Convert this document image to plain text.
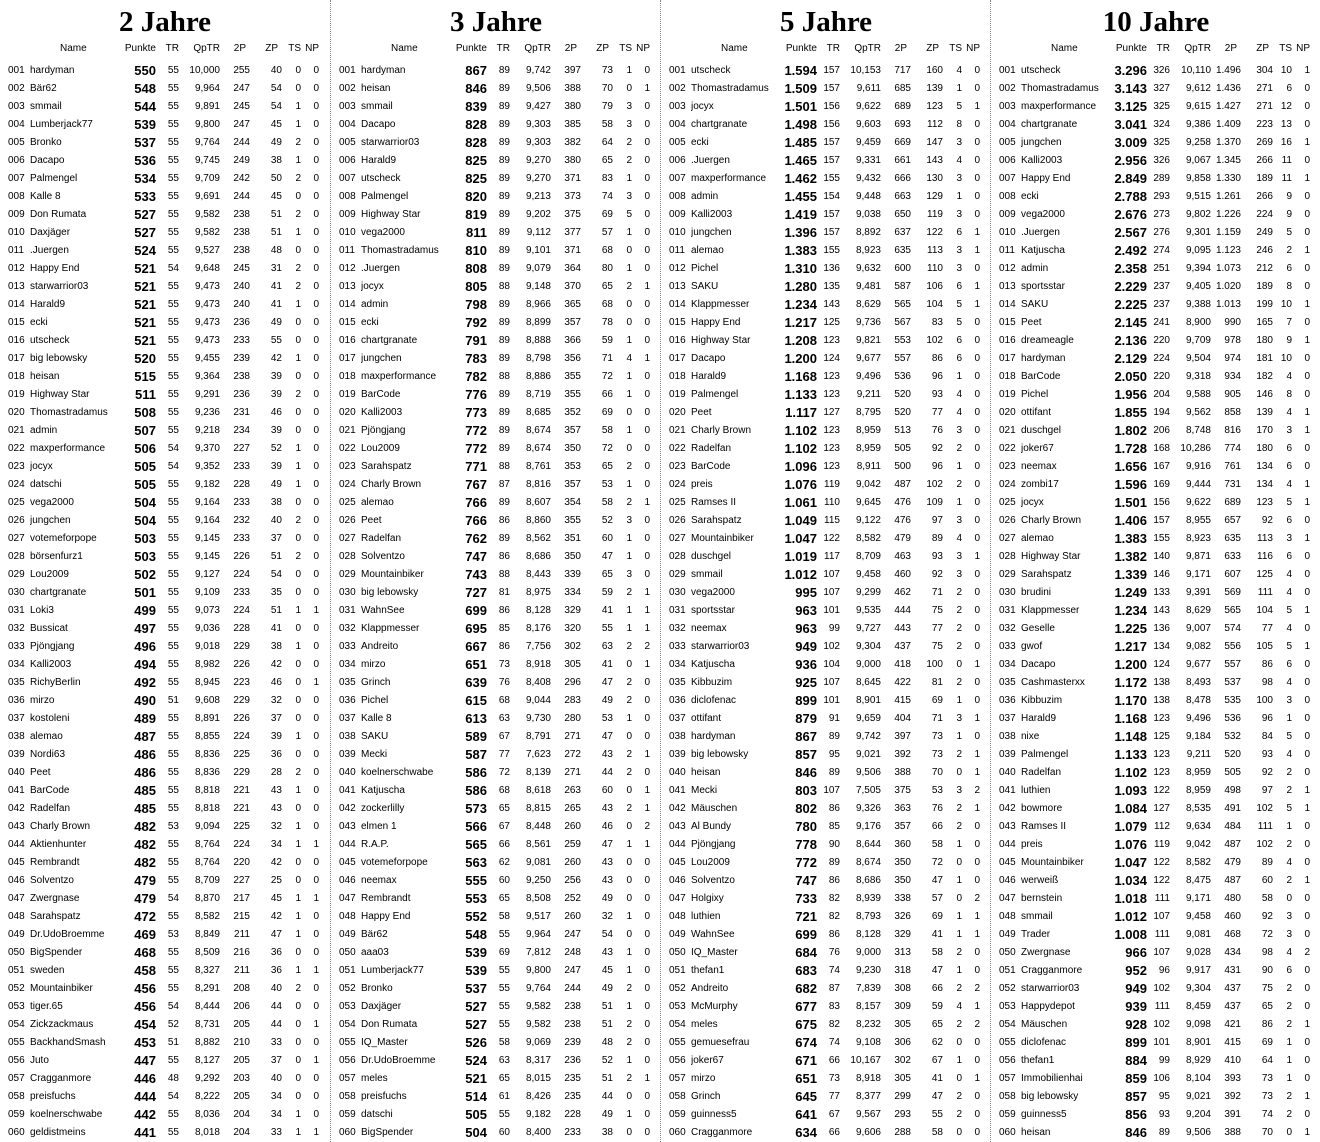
2 Jahre
Name	Punkte TR QpTR 2P ZP TS NP
001 hardyman	550 55 10,000 255 40 0 0
002 Bär62	548 55 9,964 247 54 0 0
003 smmail	544 55 9,891 245 54 1 0
004 Lumberjack77	539 55 9,800 247 45 1 0
005 Bronko	537 55 9,764 244 49 2 0
006 Dacapo	536 55 9,745 249 38 1 0
007 Palmengel	534 55 9,709 242 50 2 0
008 Kalle 8	533 55 9,691 244 45 0 0
009 Don Rumata	527 55 9,582 238 51 2 0
010 Daxjäger	527 55 9,582 238 51 1 0
011 .Juergen	524 55 9,527 238 48 0 0
012 Happy End	521 54 9,648 245 31 2 0
013 starwarrior03	521 55 9,473 240 41 2 0
014 Harald9	521 55 9,473 240 41 1 0
015 ecki	521 55 9,473 236 49 0 0
016 utscheck	521 55 9,473 233 55 0 0
017 big lebowsky	520 55 9,455 239 42 1 0
018 heisan	515 55 9,364 238 39 0 0
019 Highway Star	511 55 9,291 236 39 2 0
020 Thomastradamus	508 55 9,236 231 46 0 0
021 admin	507 55 9,218 234 39 0 0
022 maxperformance	506 54 9,370 227 52 1 0
023 jocyx	505 54 9,352 233 39 1 0
024 datschi	505 55 9,182 228 49 1 0
025 vega2000	504 55 9,164 233 38 0 0
026 jungchen	504 55 9,164 232 40 2 0
027 votemeforpope	503 55 9,145 233 37 0 0
028 börsenfurz1	503 55 9,145 226 51 2 0
029 Lou2009	502 55 9,127 224 54 0 0
030 chartgranate	501 55 9,109 233 35 0 0
031 Loki3	499 55 9,073 224 51 1 1
032 Bussicat	497 55 9,036 228 41 0 0
033 Pjöngjang	496 55 9,018 229 38 1 0
034 Kalli2003	494 55 8,982 226 42 0 0
035 RichyBerlin	492 55 8,945 223 46 0 1
036 mirzo	490 51 9,608 229 32 0 0
037 kostoleni	489 55 8,891 226 37 0 0
038 alemao	487 55 8,855 224 39 1 0
039 Nordi63	486 55 8,836 225 36 0 0
040 Peet	486 55 8,836 229 28 2 0
041 BarCode	485 55 8,818 221 43 1 0
042 Radelfan	485 55 8,818 221 43 0 0
043 Charly Brown	482 53 9,094 225 32 1 0
044 Aktienhunter	482 55 8,764 224 34 1 1
045 Rembrandt	482 55 8,764 220 42 0 0
046 Solventzo	479 55 8,709 227 25 0 0
047 Zwergnase	479 54 8,870 217 45 1 1
048 Sarahspatz	472 55 8,582 215 42 1 0
049 Dr.UdoBroemme	469 53 8,849 211 47 1 0
050 BigSpender	468 55 8,509 216 36 0 0
051 sweden	458 55 8,327 211 36 1 1
052 Mountainbiker	456 55 8,291 208 40 2 0
053 tiger.65	456 54 8,444 206 44 0 0
054 Zickzackmaus	454 52 8,731 205 44 0 1
055 BackhandSmash	453 51 8,882 210 33 0 0
056 Juto	447 55 8,127 205 37 0 1
057 Cragganmore	446 48 9,292 203 40 0 0
058 preisfuchs	444 54 8,222 205 34 0 0
059 koelnerschwabe	442 55 8,036 204 34 1 0
060 geldistmeins	441 55 8,018 204 33 1 1
3 Jahre
Name	Punkte TR QpTR 2P ZP TS NP
001 hardyman	867 89 9,742 397 73 1 0
002 heisan	846 89 9,506 388 70 0 1
003 smmail	839 89 9,427 380 79 3 0
004 Dacapo	828 89 9,303 385 58 3 0
005 starwarrior03	828 89 9,303 382 64 2 0
006 Harald9	825 89 9,270 380 65 2 0
007 utscheck	825 89 9,270 371 83 1 0
008 Palmengel	820 89 9,213 373 74 3 0
009 Highway Star	819 89 9,202 375 69 5 0
010 vega2000	811 89 9,112 377 57 1 0
011 Thomastradamus	810 89 9,101 371 68 0 0
012 .Juergen	808 89 9,079 364 80 1 0
013 jocyx	805 88 9,148 370 65 2 1
014 admin	798 89 8,966 365 68 0 0
015 ecki	792 89 8,899 357 78 0 0
016 chartgranate	791 89 8,888 366 59 1 0
017 jungchen	783 89 8,798 356 71 4 1
018 maxperformance	782 88 8,886 355 72 1 0
019 BarCode	776 89 8,719 355 66 1 0
020 Kalli2003	773 89 8,685 352 69 0 0
021 Pjöngjang	772 89 8,674 357 58 1 0
022 Lou2009	772 89 8,674 350 72 0 0
023 Sarahspatz	771 88 8,761 353 65 2 0
024 Charly Brown	767 87 8,816 357 53 1 0
025 alemao	766 89 8,607 354 58 2 1
026 Peet	766 86 8,860 355 52 3 0
027 Radelfan	762 89 8,562 351 60 1 0
028 Solventzo	747 86 8,686 350 47 1 0
029 Mountainbiker	743 88 8,443 339 65 3 0
030 big lebowsky	727 81 8,975 334 59 2 1
031 WahnSee	699 86 8,128 329 41 1 1
032 Klappmesser	695 85 8,176 320 55 1 1
033 Andreito	667 86 7,756 302 63 2 2
034 mirzo	651 73 8,918 305 41 0 1
035 Grinch	639 76 8,408 296 47 2 0
036 Pichel	615 68 9,044 283 49 2 0
037 Kalle 8	613 63 9,730 280 53 1 0
038 SAKU	589 67 8,791 271 47 0 0
039 Mecki	587 77 7,623 272 43 2 1
040 koelnerschwabe	586 72 8,139 271 44 2 0
041 Katjuscha	586 68 8,618 263 60 0 1
042 zockerlilly	573 65 8,815 265 43 2 1
043 elmen 1	566 67 8,448 260 46 0 2
044 R.A.P.	565 66 8,561 259 47 1 1
045 votemeforpope	563 62 9,081 260 43 0 0
046 neemax	555 60 9,250 256 43 0 0
047 Rembrandt	553 65 8,508 252 49 0 0
048 Happy End	552 58 9,517 260 32 1 0
049 Bär62	548 55 9,964 247 54 0 0
050 aaa03	539 69 7,812 248 43 1 0
051 Lumberjack77	539 55 9,800 247 45 1 0
052 Bronko	537 55 9,764 244 49 2 0
053 Daxjäger	527 55 9,582 238 51 1 0
054 Don Rumata	527 55 9,582 238 51 2 0
055 IQ_Master	526 58 9,069 239 48 2 0
056 Dr.UdoBroemme	524 63 8,317 236 52 1 0
057 meles	521 65 8,015 235 51 2 1
058 preisfuchs	514 61 8,426 235 44 0 0
059 datschi	505 55 9,182 228 49 1 0
060 BigSpender	504 60 8,400 233 38 0 0
5 Jahre
Name	Punkte TR QpTR 2P ZP TS NP
001 utscheck	1.594 157 10,153 717 160 4 0
002 Thomastradamus	1.509 157 9,611 685 139 1 0
003 jocyx	1.501 156 9,622 689 123 5 1
004 chartgranate	1.498 156 9,603 693 112 8 0
005 ecki	1.485 157 9,459 669 147 3 0
006 .Juergen	1.465 157 9,331 661 143 4 0
007 maxperformance	1.462 155 9,432 666 130 3 0
008 admin	1.455 154 9,448 663 129 1 0
009 Kalli2003	1.419 157 9,038 650 119 3 0
010 jungchen	1.396 157 8,892 637 122 6 1
011 alemao	1.383 155 8,923 635 113 3 1
012 Pichel	1.310 136 9,632 600 110 3 0
013 SAKU	1.280 135 9,481 587 106 6 1
014 Klappmesser	1.234 143 8,629 565 104 5 1
015 Happy End	1.217 125 9,736 567 83 5 0
016 Highway Star	1.208 123 9,821 553 102 6 0
017 Dacapo	1.200 124 9,677 557 86 6 0
018 Harald9	1.168 123 9,496 536 96 1 0
019 Palmengel	1.133 123 9,211 520 93 4 0
020 Peet	1.117 127 8,795 520 77 4 0
021 Charly Brown	1.102 123 8,959 513 76 3 0
022 Radelfan	1.102 123 8,959 505 92 2 0
023 BarCode	1.096 123 8,911 500 96 1 0
024 preis	1.076 119 9,042 487 102 2 0
025 Ramses II	1.061 110 9,645 476 109 1 0
026 Sarahspatz	1.049 115 9,122 476 97 3 0
027 Mountainbiker	1.047 122 8,582 479 89 4 0
028 duschgel	1.019 117 8,709 463 93 3 1
029 smmail	1.012 107 9,458 460 92 3 0
030 vega2000	995 107 9,299 462 71 2 0
031 sportsstar	963 101 9,535 444 75 2 0
032 neemax	963 99 9,727 443 77 2 0
033 starwarrior03	949 102 9,304 437 75 2 0
034 Katjuscha	936 104 9,000 418 100 0 1
035 Kibbuzim	925 107 8,645 422 81 2 0
036 diclofenac	899 101 8,901 415 69 1 0
037 ottifant	879 91 9,659 404 71 3 1
038 hardyman	867 89 9,742 397 73 1 0
039 big lebowsky	857 95 9,021 392 73 2 1
040 heisan	846 89 9,506 388 70 0 1
041 Mecki	803 107 7,505 375 53 3 2
042 Mäuschen	802 86 9,326 363 76 2 1
043 Al Bundy	780 85 9,176 357 66 2 0
044 Pjöngjang	778 90 8,644 360 58 1 0
045 Lou2009	772 89 8,674 350 72 0 0
046 Solventzo	747 86 8,686 350 47 1 0
047 Holgixy	733 82 8,939 338 57 0 2
048 luthien	721 82 8,793 326 69 1 1
049 WahnSee	699 86 8,128 329 41 1 1
050 IQ_Master	684 76 9,000 313 58 2 0
051 thefan1	683 74 9,230 318 47 1 0
052 Andreito	682 87 7,839 308 66 2 2
053 McMurphy	677 83 8,157 309 59 4 1
054 meles	675 82 8,232 305 65 2 2
055 gemuesefrau	674 74 9,108 306 62 0 0
056 joker67	671 66 10,167 302 67 1 0
057 mirzo	651 73 8,918 305 41 0 1
058 Grinch	645 77 8,377 299 47 2 0
059 guinness5	641 67 9,567 293 55 2 0
060 Cragganmore	634 66 9,606 288 58 0 0
10 Jahre
Name	Punkte TR QpTR 2P ZP TS NP
001 utscheck	3.296 326 10,110 1.496 304 10 1
002 Thomastradamus	3.143 327 9,612 1.436 271 6 0
003 maxperformance	3.125 325 9,615 1.427 271 12 0
004 chartgranate	3.041 324 9,386 1.409 223 13 0
005 jungchen	3.009 325 9,258 1.370 269 16 1
006 Kalli2003	2.956 326 9,067 1.345 266 11 0
007 Happy End	2.849 289 9,858 1.330 189 11 1
008 ecki	2.788 293 9,515 1.261 266 9 0
009 vega2000	2.676 273 9,802 1.226 224 9 0
010 .Juergen	2.567 276 9,301 1.159 249 5 0
011 Katjuscha	2.492 274 9,095 1.123 246 2 1
012 admin	2.358 251 9,394 1.073 212 6 0
013 sportsstar	2.229 237 9,405 1.020 189 8 0
014 SAKU	2.225 237 9,388 1.013 199 10 1
015 Peet	2.145 241 8,900 990 165 7 0
016 dreameagle	2.136 220 9,709 978 180 9 1
017 hardyman	2.129 224 9,504 974 181 10 0
018 BarCode	2.050 220 9,318 934 182 4 0
019 Pichel	1.956 204 9,588 905 146 8 0
020 ottifant	1.855 194 9,562 858 139 4 1
021 duschgel	1.802 206 8,748 816 170 3 1
022 joker67	1.728 168 10,286 774 180 6 0
023 neemax	1.656 167 9,916 761 134 6 0
024 zombi17	1.596 169 9,444 731 134 4 1
025 jocyx	1.501 156 9,622 689 123 5 1
026 Charly Brown	1.406 157 8,955 657 92 6 0
027 alemao	1.383 155 8,923 635 113 3 1
028 Highway Star	1.382 140 9,871 633 116 6 0
029 Sarahspatz	1.339 146 9,171 607 125 4 0
030 brudini	1.249 133 9,391 569 111 4 0
031 Klappmesser	1.234 143 8,629 565 104 5 1
032 Geselle	1.225 136 9,007 574 77 4 0
033 gwof	1.217 134 9,082 556 105 5 1
034 Dacapo	1.200 124 9,677 557 86 6 0
035 Cashmasterxx	1.172 138 8,493 537 98 4 0
036 Kibbuzim	1.170 138 8,478 535 100 3 0
037 Harald9	1.168 123 9,496 536 96 1 0
038 nixe	1.148 125 9,184 532 84 5 0
039 Palmengel	1.133 123 9,211 520 93 4 0
040 Radelfan	1.102 123 8,959 505 92 2 0
041 luthien	1.093 122 8,959 498 97 2 1
042 bowmore	1.084 127 8,535 491 102 5 1
043 Ramses II	1.079 112 9,634 484 111 1 0
044 preis	1.076 119 9,042 487 102 2 0
045 Mountainbiker	1.047 122 8,582 479 89 4 0
046 werweiß	1.034 122 8,475 487 60 2 1
047 bernstein	1.018 111 9,171 480 58 0 0
048 smmail	1.012 107 9,458 460 92 3 0
049 Trader	1.008 111 9,081 468 72 3 0
050 Zwergnase	966 107 9,028 434 98 4 2
051 Cragganmore	952 96 9,917 431 90 6 0
052 starwarrior03	949 102 9,304 437 75 2 0
053 Happydepot	939 111 8,459 437 65 2 0
054 Mäuschen	928 102 9,098 421 86 2 1
055 diclofenac	899 101 8,901 415 69 1 0
056 thefan1	884 99 8,929 410 64 1 0
057 Immobilienhai	859 106 8,104 393 73 1 0
058 big lebowsky	857 95 9,021 392 73 2 1
059 guinness5	856 93 9,204 391 74 2 0
060 heisan	846 89 9,506 388 70 0 1
